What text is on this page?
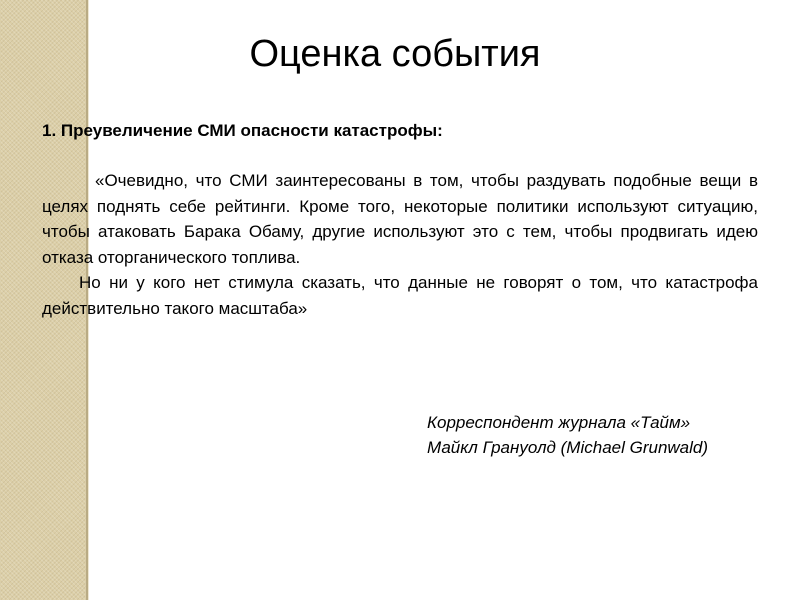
Оценка события
1. Преувеличение СМИ опасности катастрофы:

«Очевидно, что СМИ заинтересованы в том, чтобы раздувать подобные вещи в целях поднять себе рейтинги. Кроме того, некоторые политики используют ситуацию, чтобы атаковать Барака Обаму, другие используют это с тем, чтобы продвигать идею отказа оторганического топлива.

Но ни у кого нет стимула сказать, что данные не говорят о том, что катастрофа действительно такого масштаба»

Корреспондент журнала «Тайм»
Майкл Грануолд (Michael Grunwald)
